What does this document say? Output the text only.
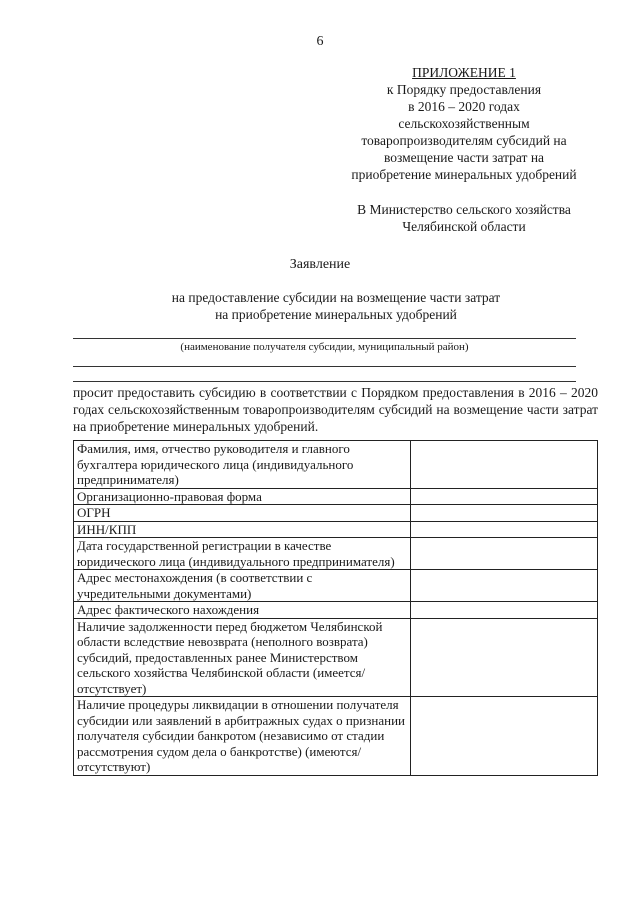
6
ПРИЛОЖЕНИЕ 1
к Порядку предоставления
в 2016 – 2020 годах
сельскохозяйственным
товаропроизводителям субсидий на
возмещение части затрат на
приобретение минеральных удобрений
В Министерство сельского хозяйства
Челябинской области
Заявление
на предоставление субсидии на возмещение части затрат
на приобретение минеральных удобрений
(наименование получателя субсидии, муниципальный район)
просит предоставить субсидию в соответствии с Порядком предоставления в 2016 – 2020 годах сельскохозяйственным товаропроизводителям субсидий на возмещение части затрат на приобретение минеральных удобрений.
Фамилия, имя, отчество руководителя и главного бухгалтера юридического лица (индивидуального предпринимателя)	
Организационно-правовая форма	
ОГРН	
ИНН/КПП	
Дата государственной регистрации в качестве юридического лица (индивидуального предпринимателя)	
Адрес местонахождения (в соответствии с учредительными документами)	
Адрес фактического нахождения	
Наличие задолженности перед бюджетом Челябинской области вследствие невозврата (неполного возврата) субсидий, предоставленных ранее Министерством сельского хозяйства Челябинской области (имеется/отсутствует)	
Наличие процедуры ликвидации в отношении получателя субсидии или заявлений в арбитражных судах о признании получателя субсидии банкротом (независимо от стадии рассмотрения судом дела о банкротстве) (имеются/отсутствуют)	
